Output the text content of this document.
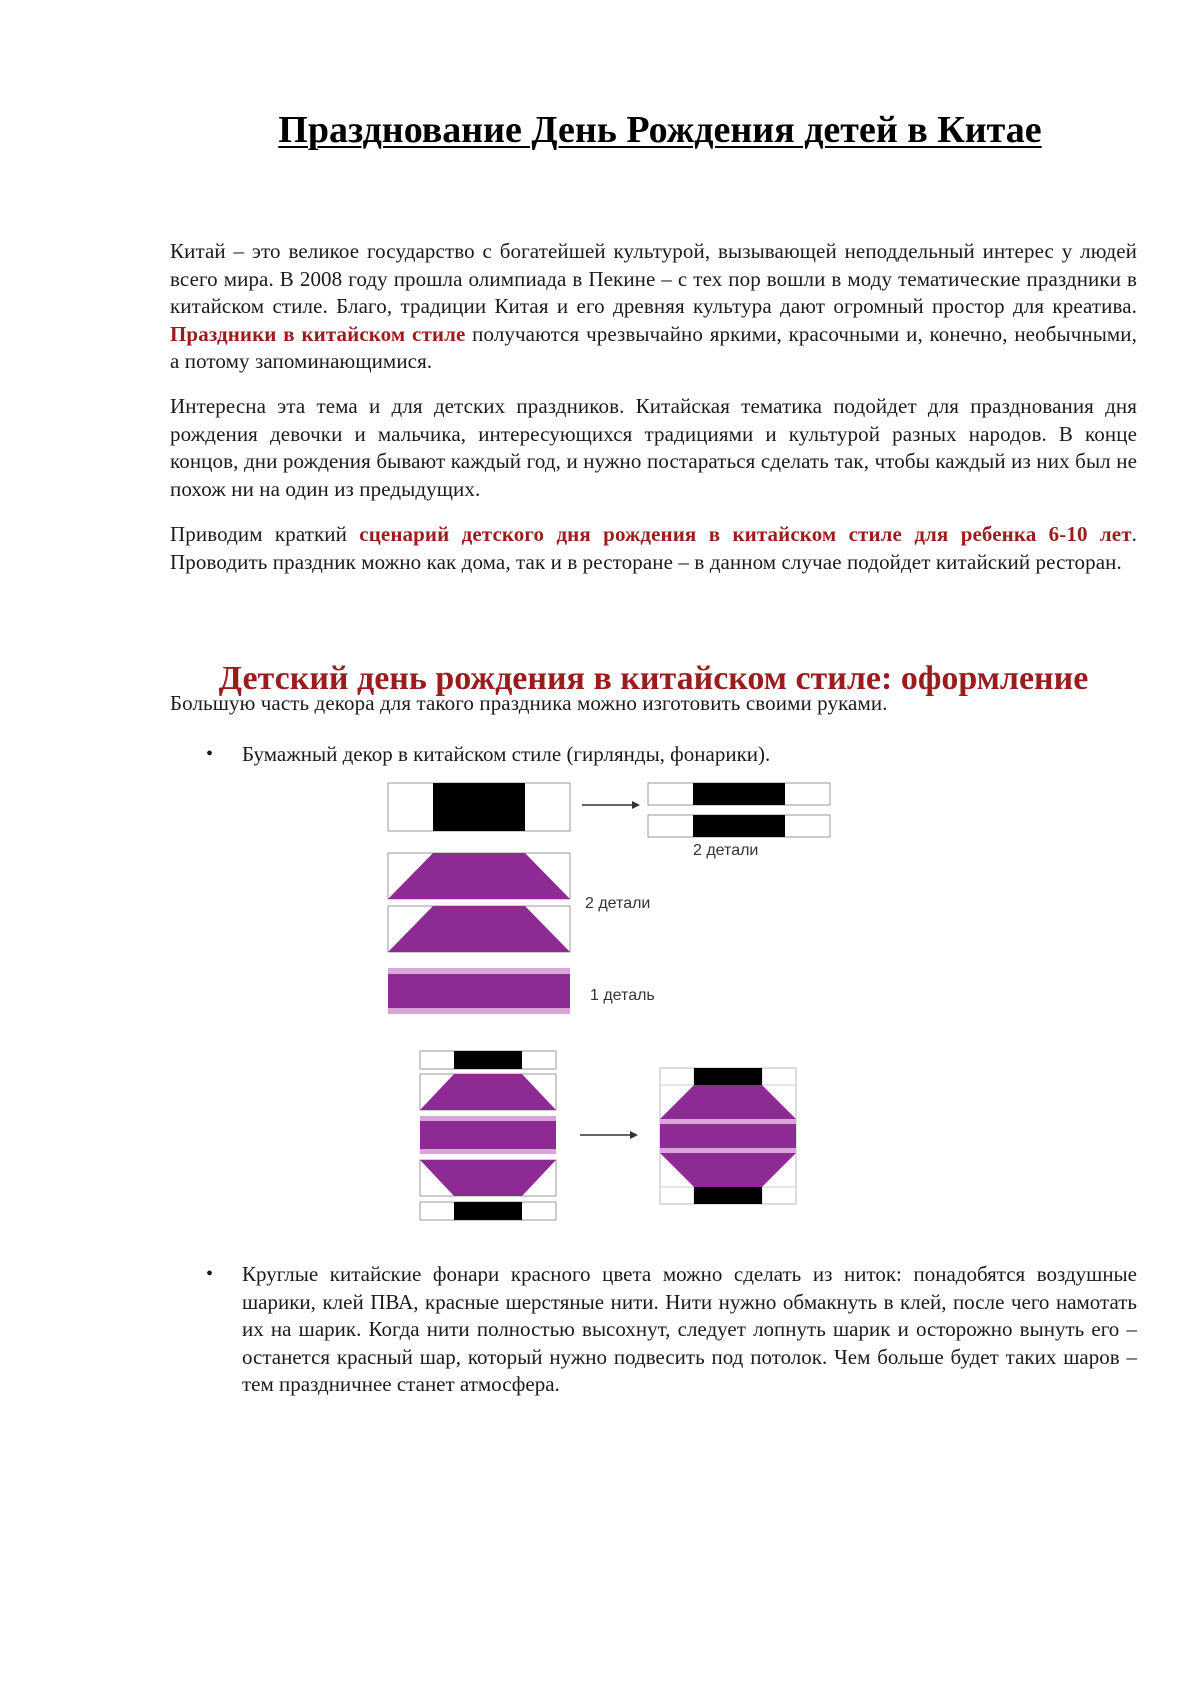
Празднование День Рождения детей в Китае

Китай – это великое государство с богатейшей культурой, вызывающей неподдельный интерес у людей всего мира. В 2008 году прошла олимпиада в Пекине – с тех пор вошли в моду тематические праздники в китайском стиле. Благо, традиции Китая и его древняя культура дают огромный простор для креатива. Праздники в китайском стиле получаются чрезвычайно яркими, красочными и, конечно, необычными, а потому запоминающимися.

Интересна эта тема и для детских праздников. Китайская тематика подойдет для празднования дня рождения девочки и мальчика, интересующихся традициями и культурой разных народов. В конце концов, дни рождения бывают каждый год, и нужно постараться сделать так, чтобы каждый из них был не похож ни на один из предыдущих.

Приводим краткий сценарий детского дня рождения в китайском стиле для ребенка 6-10 лет. Проводить праздник можно как дома, так и в ресторане – в данном случае подойдет китайский ресторан.

Детский день рождения в китайском стиле: оформление

Большую часть декора для такого праздника можно изготовить своими руками.

• Бумажный декор в китайском стиле (гирлянды, фонарики).

2 детали
2 детали
1 деталь
• Круглые китайские фонари красного цвета можно сделать из ниток: понадобятся воздушные шарики, клей ПВА, красные шерстяные нити. Нити нужно обмакнуть в клей, после чего намотать их на шарик. Когда нити полностью высохнут, следует лопнуть шарик и осторожно вынуть его – останется красный шар, который нужно подвесить под потолок. Чем больше будет таких шаров – тем праздничнее станет атмосфера.
